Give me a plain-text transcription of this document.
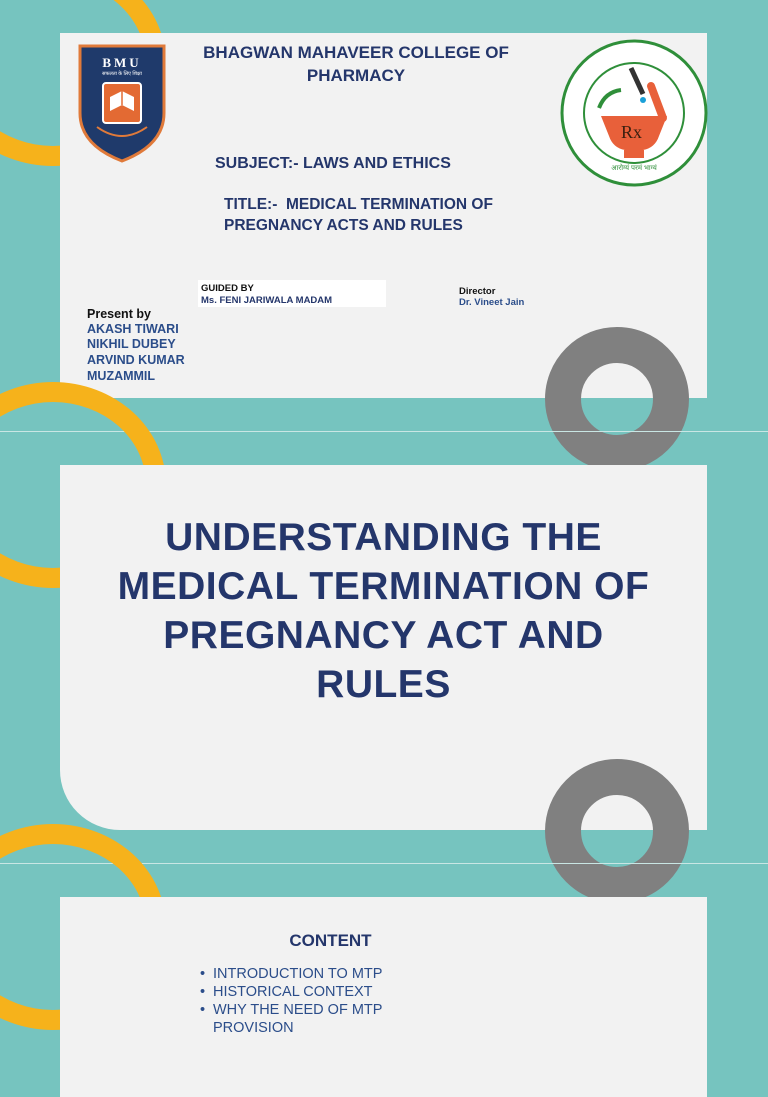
BMU
सफलता के लिए शिक्षा
BHAGWAN MAHAVEER COLLEGE OF PHARMACY
Rx
आरोग्यं परमं भाग्यं
SUBJECT:- LAWS AND ETHICS
TITLE:-  MEDICAL TERMINATION OF
PREGNANCY ACTS AND RULES
GUIDED BY
Ms. FENI JARIWALA MADAM
Director
Dr. Vineet Jain
Present by
AKASH TIWARI
NIKHIL DUBEY
ARVIND KUMAR
MUZAMMIL
UNDERSTANDING THE
MEDICAL TERMINATION OF
PREGNANCY ACT AND
RULES
CONTENT
• INTRODUCTION TO MTP
• HISTORICAL CONTEXT
• WHY THE NEED OF MTP
PROVISION
